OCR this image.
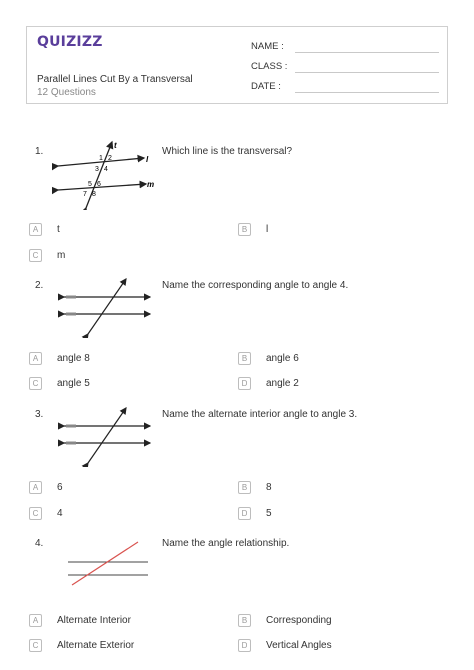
QUIZIZZ
Parallel Lines Cut By a Transversal
12 Questions
NAME :
CLASS :
DATE :
1.	Which line is the transversal?
t
l
m
1 2
3 4
5 6
7 8
A	t	B	l
C	m
2.	Name the corresponding angle to angle 4.
A	angle 8	B	angle 6
C	angle 5	D	angle 2
3.	Name the alternate interior angle to angle 3.
A	6	B	8
C	4	D	5
4.	Name the angle relationship.
A	Alternate Interior	B	Corresponding
C	Alternate Exterior	D	Vertical Angles
